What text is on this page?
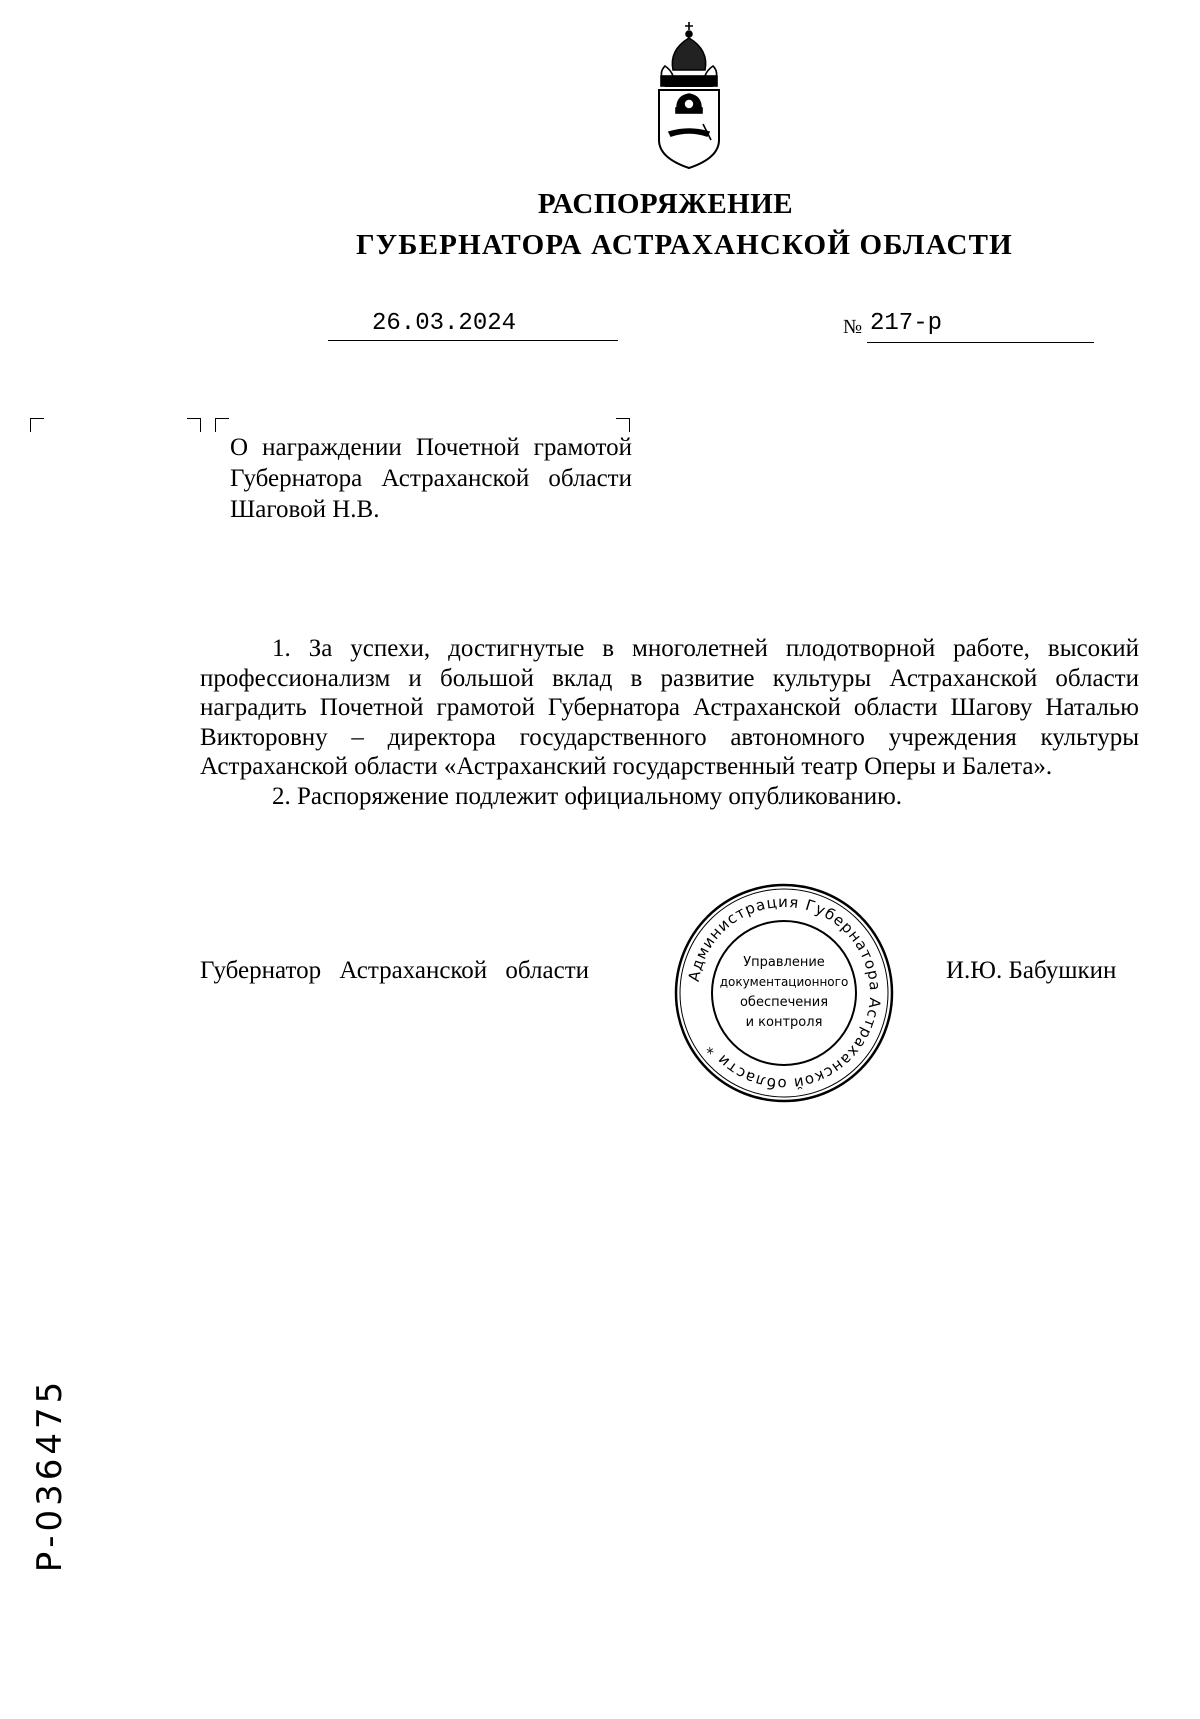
РАСПОРЯЖЕНИЕ
ГУБЕРНАТОРА АСТРАХАНСКОЙ ОБЛАСТИ
26.03.2024	№ 217-р
О награждении Почетной грамотой Губернатора Астраханской области Шаговой Н.В.

1. За успехи, достигнутые в многолетней плодотворной работе, высокий профессионализм и большой вклад в развитие культуры Астраханской области наградить Почетной грамотой Губернатора Астраханской области Шагову Наталью Викторовну – директора государственного автономного учреждения культуры Астраханской области «Астраханский государственный театр Оперы и Балета».

2. Распоряжение подлежит официальному опубликованию.

Губернатор Астраханской области	И.Ю. Бабушкин
Администрация Губернатора Астраханской области *
Управление
документационного
обеспечения
и контроля
Р-036475
